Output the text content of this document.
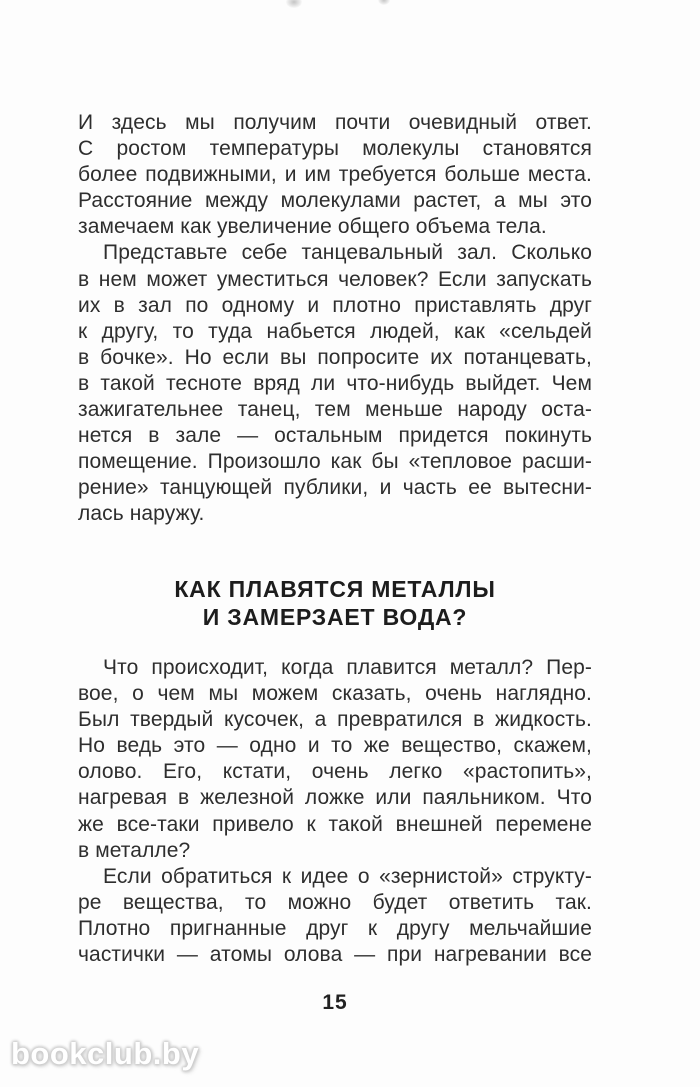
И здесь мы получим почти очевидный ответ.
С ростом температуры молекулы становятся
более подвижными, и им требуется больше места.
Расстояние между молекулами растет, а мы это
замечаем как увеличение общего объема тела.
Представьте себе танцевальный зал. Сколько
в нем может уместиться человек? Если запускать
их в зал по одному и плотно приставлять друг
к другу, то туда набьется людей, как «сельдей
в бочке». Но если вы попросите их потанцевать,
в такой тесноте вряд ли что-нибудь выйдет. Чем
зажигательнее танец, тем меньше народу оста-
нется в зале — остальным придется покинуть
помещение. Произошло как бы «тепловое расши-
рение» танцующей публики, и часть ее вытесни-
лась наружу.
КАК ПЛАВЯТСЯ МЕТАЛЛЫ
И ЗАМЕРЗАЕТ ВОДА?
Что происходит, когда плавится металл? Пер-
вое, о чем мы можем сказать, очень наглядно.
Был твердый кусочек, а превратился в жидкость.
Но ведь это — одно и то же вещество, скажем,
олово. Его, кстати, очень легко «растопить»,
нагревая в железной ложке или паяльником. Что
же все-таки привело к такой внешней перемене
в металле?
Если обратиться к идее о «зернистой» структу-
ре вещества, то можно будет ответить так.
Плотно пригнанные друг к другу мельчайшие
частички — атомы олова — при нагревании все
15
bookclub.by
